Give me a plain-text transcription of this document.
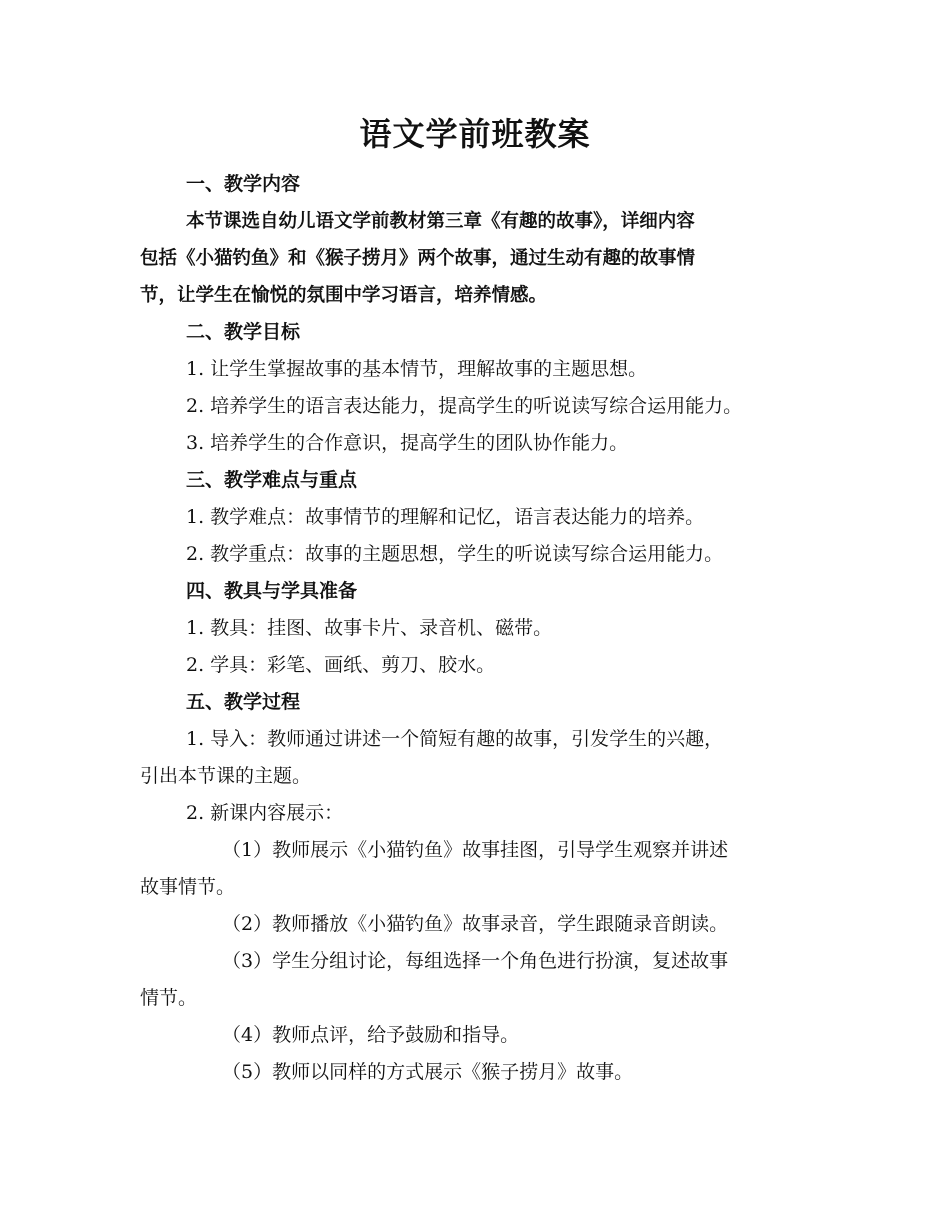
语文学前班教案

一、教学内容

本节课选自幼儿语文学前教材第三章《有趣的故事》，详细内容

包括《小猫钓鱼》和《猴子捞月》两个故事，通过生动有趣的故事情

节，让学生在愉悦的氛围中学习语言，培养情感。

二、教学目标

1. 让学生掌握故事的基本情节，理解故事的主题思想。

2. 培养学生的语言表达能力，提高学生的听说读写综合运用能力。

3. 培养学生的合作意识，提高学生的团队协作能力。

三、教学难点与重点

1. 教学难点：故事情节的理解和记忆，语言表达能力的培养。

2. 教学重点：故事的主题思想，学生的听说读写综合运用能力。

四、教具与学具准备

1. 教具：挂图、故事卡片、录音机、磁带。

2. 学具：彩笔、画纸、剪刀、胶水。

五、教学过程

1. 导入：教师通过讲述一个简短有趣的故事，引发学生的兴趣，

引出本节课的主题。

2. 新课内容展示：

（1）教师展示《小猫钓鱼》故事挂图，引导学生观察并讲述

故事情节。

（2）教师播放《小猫钓鱼》故事录音，学生跟随录音朗读。

（3）学生分组讨论，每组选择一个角色进行扮演，复述故事

情节。

（4）教师点评，给予鼓励和指导。

（5）教师以同样的方式展示《猴子捞月》故事。
